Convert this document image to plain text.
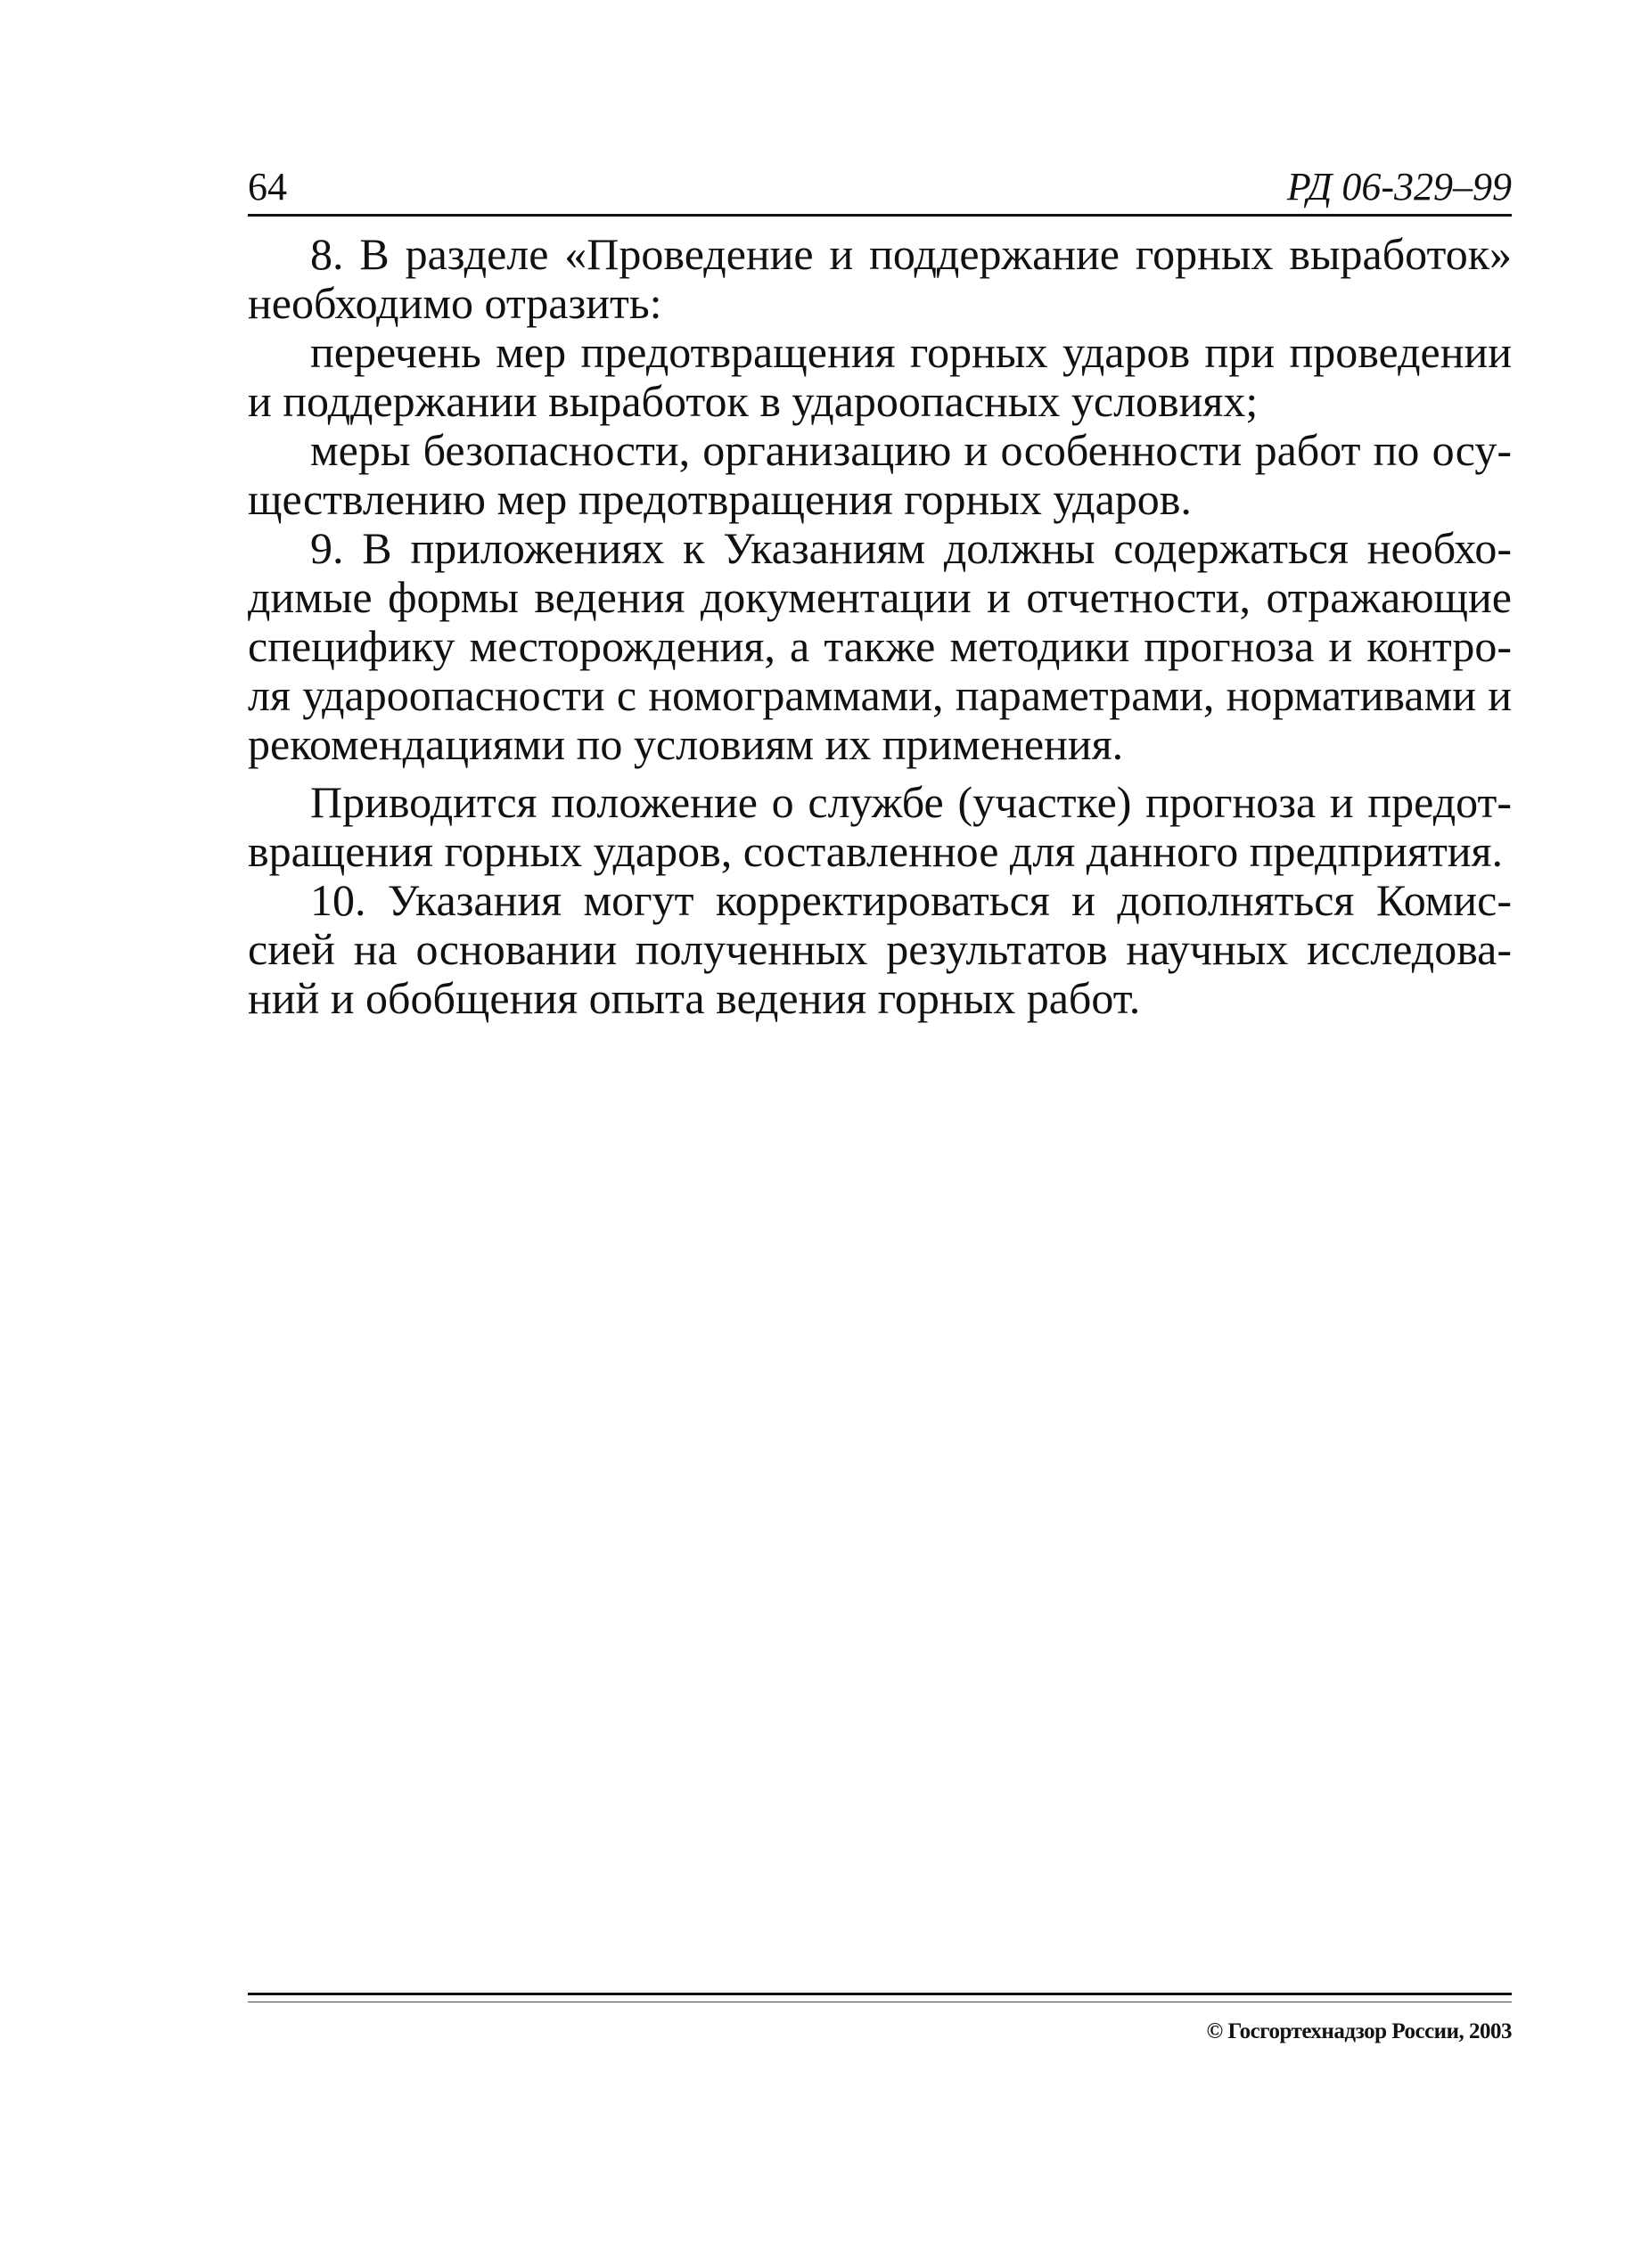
64	РД 06-329–99

8. В разделе «Проведение и поддержание горных выработок» необходимо отразить:

перечень мер предотвращения горных ударов при проведении и поддержании выработок в удароопасных условиях;

меры безопасности, организацию и особенности работ по осуществлению мер предотвращения горных ударов.

9. В приложениях к Указаниям должны содержаться необходимые формы ведения документации и отчетности, отражающие специфику месторождения, а также методики прогноза и контроля удароопасности с номограммами, параметрами, нормативами и рекомендациями по условиям их применения.

Приводится положение о службе (участке) прогноза и предотвращения горных ударов, составленное для данного предприятия.

10. Указания могут корректироваться и дополняться Комиссией на основании полученных результатов научных исследований и обобщения опыта ведения горных работ.

© Госгортехнадзор России, 2003
